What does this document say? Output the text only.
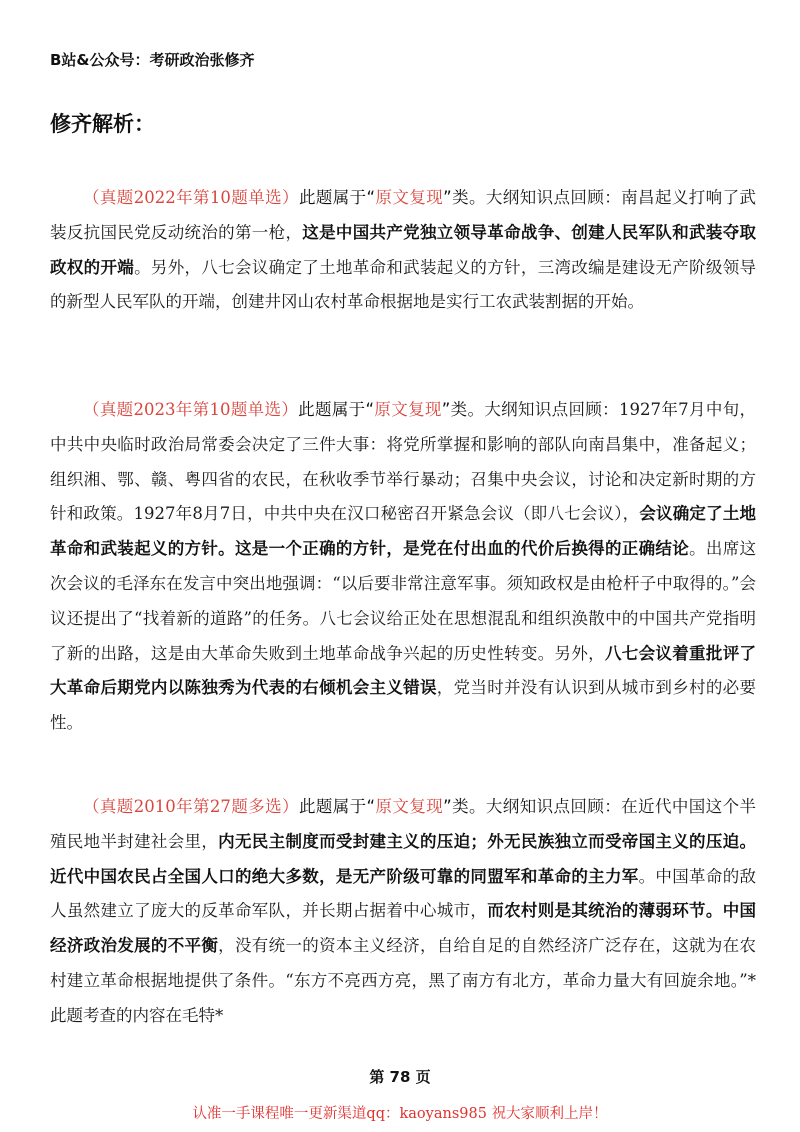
B站&公众号：考研政治张修齐
修齐解析：

（真题2022年第10题单选）此题属于“原文复现”类。大纲知识点回顾：南昌起义打响了武装反抗国民党反动统治的第一枪，这是中国共产党独立领导革命战争、创建人民军队和武装夺取政权的开端。另外，八七会议确定了土地革命和武装起义的方针，三湾改编是建设无产阶级领导的新型人民军队的开端，创建井冈山农村革命根据地是实行工农武装割据的开始。

（真题2023年第10题单选）此题属于“原文复现”类。大纲知识点回顾：1927年7月中旬，中共中央临时政治局常委会决定了三件大事：将党所掌握和影响的部队向南昌集中，准备起义；组织湘、鄂、赣、粤四省的农民，在秋收季节举行暴动；召集中央会议，讨论和决定新时期的方针和政策。1927年8月7日，中共中央在汉口秘密召开紧急会议（即八七会议），会议确定了土地革命和武装起义的方针。这是一个正确的方针，是党在付出血的代价后换得的正确结论。出席这次会议的毛泽东在发言中突出地强调：“以后要非常注意军事。须知政权是由枪杆子中取得的。”会议还提出了“找着新的道路”的任务。八七会议给正处在思想混乱和组织涣散中的中国共产党指明了新的出路，这是由大革命失败到土地革命战争兴起的历史性转变。另外，八七会议着重批评了大革命后期党内以陈独秀为代表的右倾机会主义错误，党当时并没有认识到从城市到乡村的必要性。

（真题2010年第27题多选）此题属于“原文复现”类。大纲知识点回顾：在近代中国这个半殖民地半封建社会里，内无民主制度而受封建主义的压迫；外无民族独立而受帝国主义的压迫。近代中国农民占全国人口的绝大多数，是无产阶级可靠的同盟军和革命的主力军。中国革命的敌人虽然建立了庞大的反革命军队，并长期占据着中心城市，而农村则是其统治的薄弱环节。中国经济政治发展的不平衡，没有统一的资本主义经济，自给自足的自然经济广泛存在，这就为在农村建立革命根据地提供了条件。“东方不亮西方亮，黑了南方有北方，革命力量大有回旋余地。”*此题考查的内容在毛特*

第 78 页
认准一手课程唯一更新渠道qq：kaoyans985 祝大家顺利上岸！
